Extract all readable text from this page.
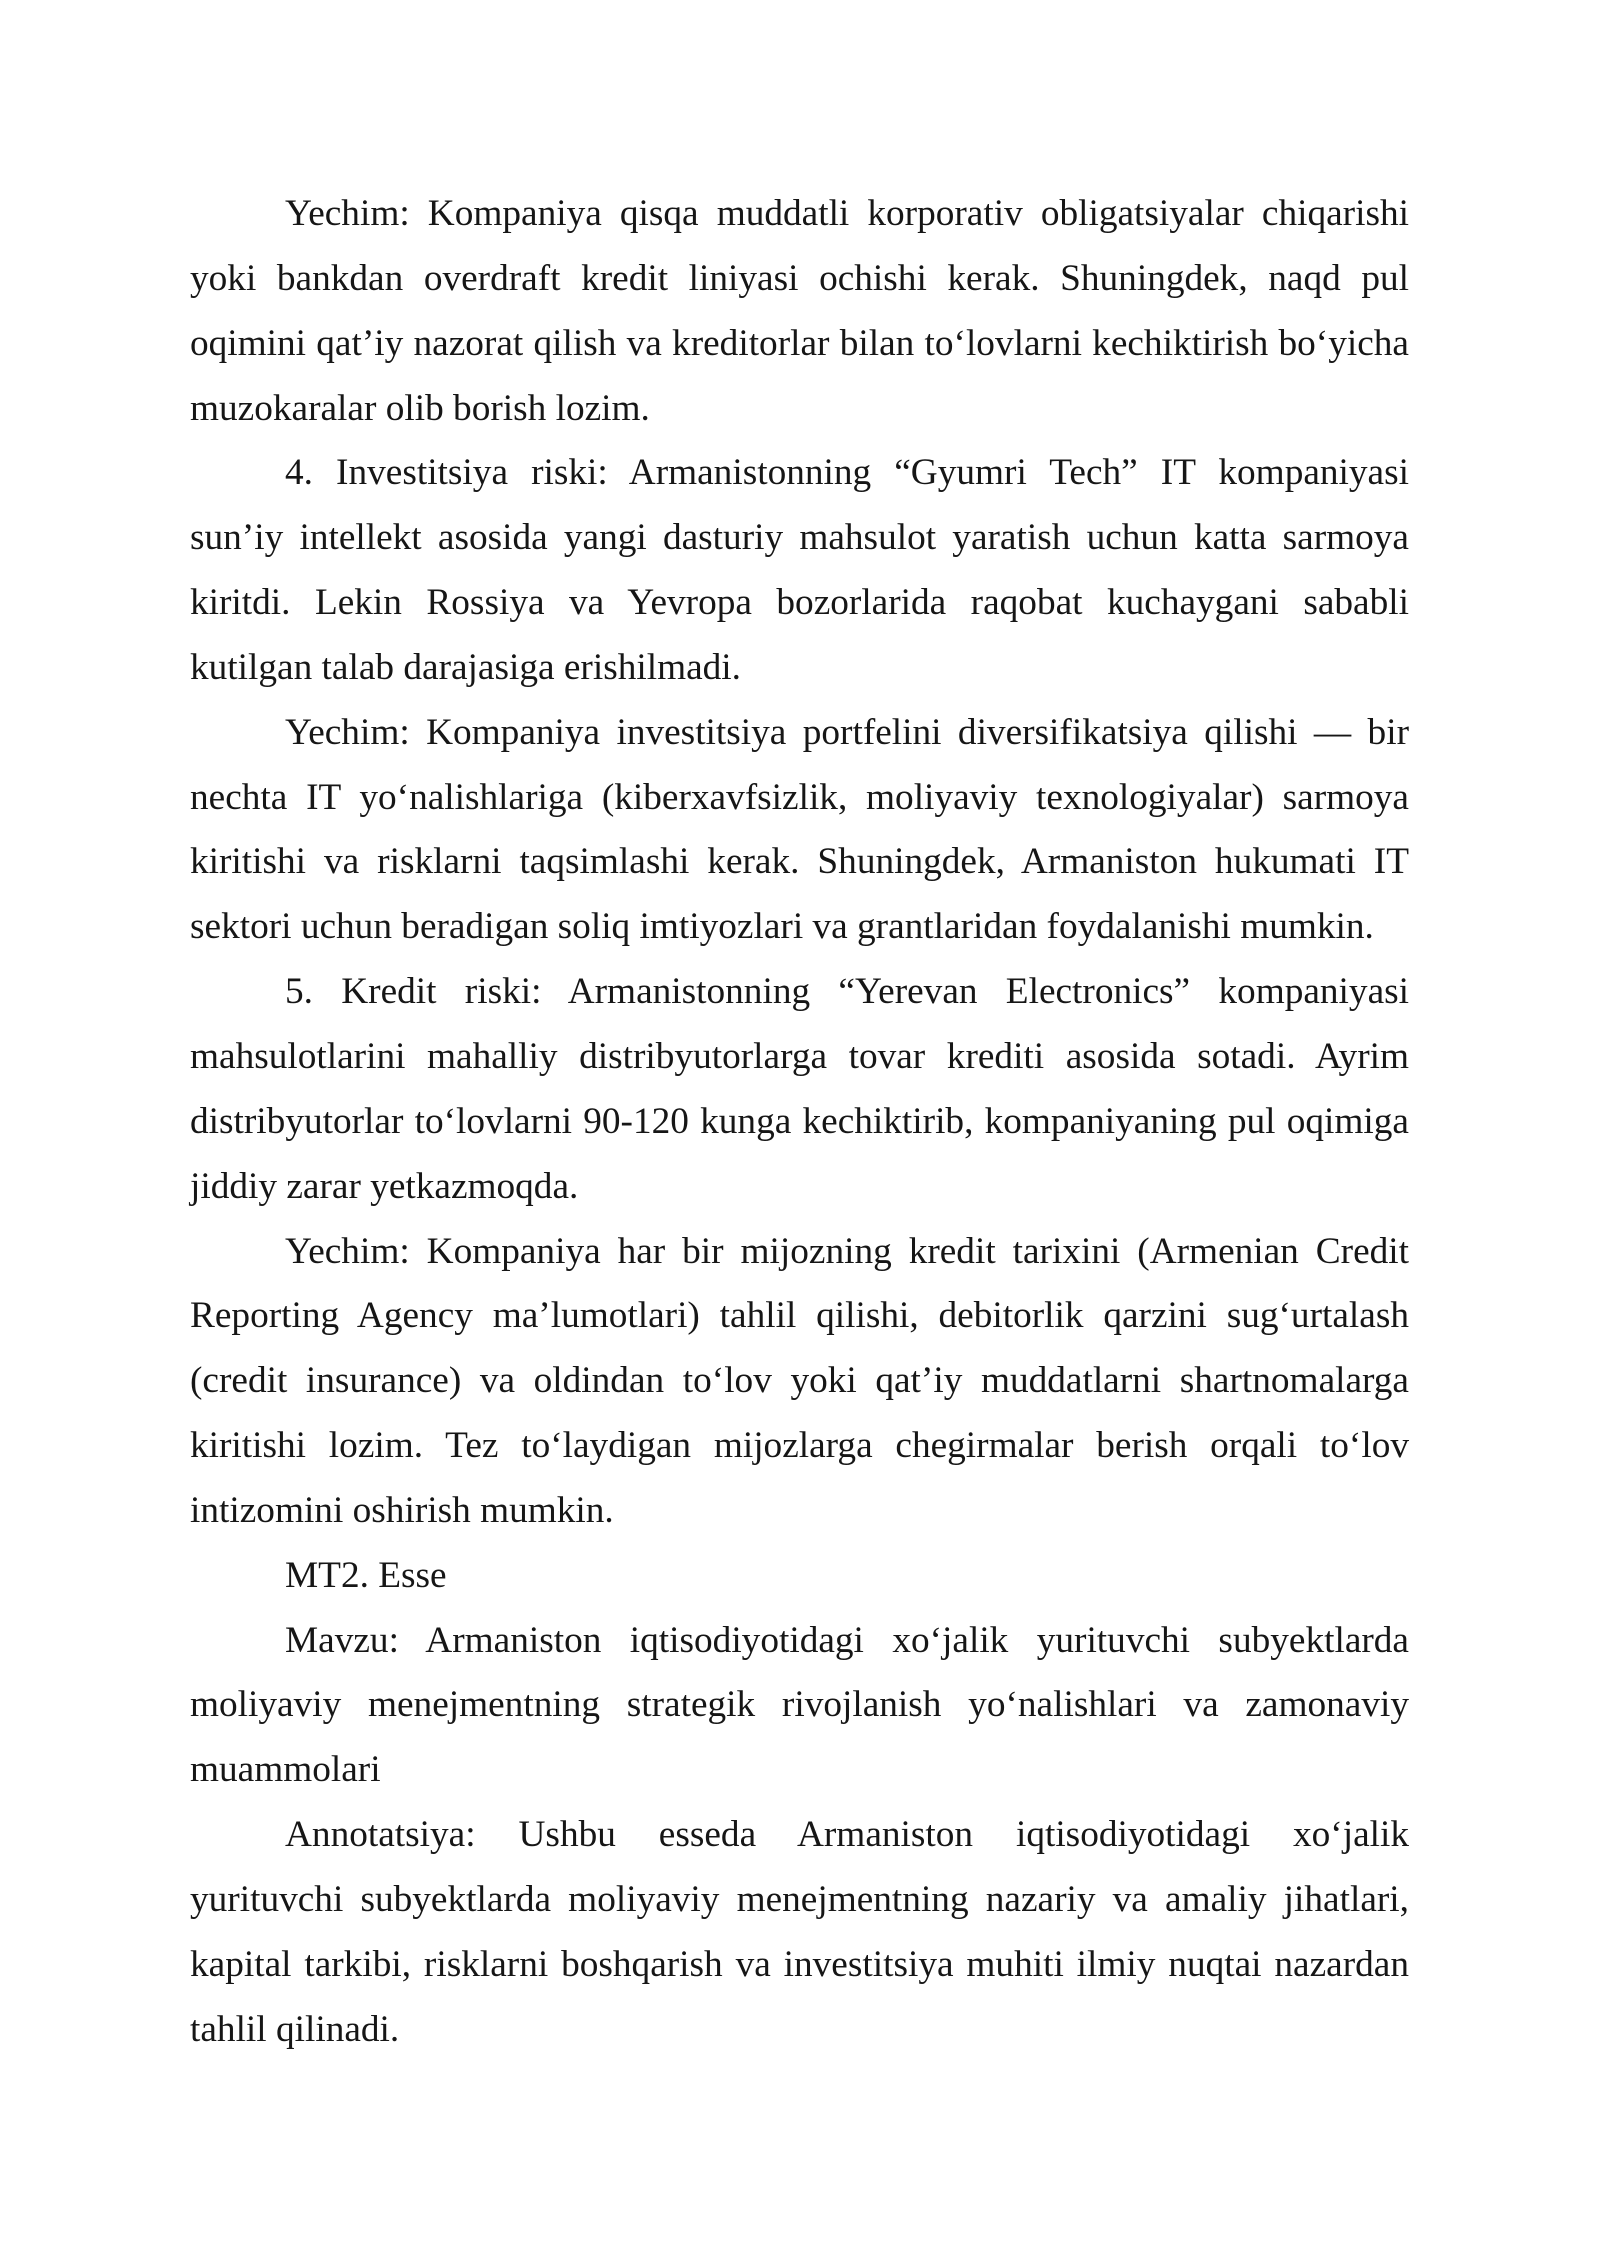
Yechim: Kompaniya qisqa muddatli korporativ obligatsiyalar chiqarishi
yoki bankdan overdraft kredit liniyasi ochishi kerak. Shuningdek, naqd pul
oqimini qat’iy nazorat qilish va kreditorlar bilan to‘lovlarni kechiktirish bo‘yicha
muzokaralar olib borish lozim.
4. Investitsiya riski: Armanistonning “Gyumri Tech” IT kompaniyasi
sun’iy intellekt asosida yangi dasturiy mahsulot yaratish uchun katta sarmoya
kiritdi. Lekin Rossiya va Yevropa bozorlarida raqobat kuchaygani sababli
kutilgan talab darajasiga erishilmadi.
Yechim: Kompaniya investitsiya portfelini diversifikatsiya qilishi — bir
nechta IT yo‘nalishlariga (kiberxavfsizlik, moliyaviy texnologiyalar) sarmoya
kiritishi va risklarni taqsimlashi kerak. Shuningdek, Armaniston hukumati IT
sektori uchun beradigan soliq imtiyozlari va grantlaridan foydalanishi mumkin.
5. Kredit riski: Armanistonning “Yerevan Electronics” kompaniyasi
mahsulotlarini mahalliy distribyutorlarga tovar krediti asosida sotadi. Ayrim
distribyutorlar to‘lovlarni 90-120 kunga kechiktirib, kompaniyaning pul oqimiga
jiddiy zarar yetkazmoqda.
Yechim: Kompaniya har bir mijozning kredit tarixini (Armenian Credit
Reporting Agency ma’lumotlari) tahlil qilishi, debitorlik qarzini sug‘urtalash
(credit insurance) va oldindan to‘lov yoki qat’iy muddatlarni shartnomalarga
kiritishi lozim. Tez to‘laydigan mijozlarga chegirmalar berish orqali to‘lov
intizomini oshirish mumkin.
MT2. Esse
Mavzu: Armaniston iqtisodiyotidagi xo‘jalik yurituvchi subyektlarda
moliyaviy menejmentning strategik rivojlanish yo‘nalishlari va zamonaviy
muammolari
Annotatsiya: Ushbu esseda Armaniston iqtisodiyotidagi xo‘jalik
yurituvchi subyektlarda moliyaviy menejmentning nazariy va amaliy jihatlari,
kapital tarkibi, risklarni boshqarish va investitsiya muhiti ilmiy nuqtai nazardan
tahlil qilinadi.
